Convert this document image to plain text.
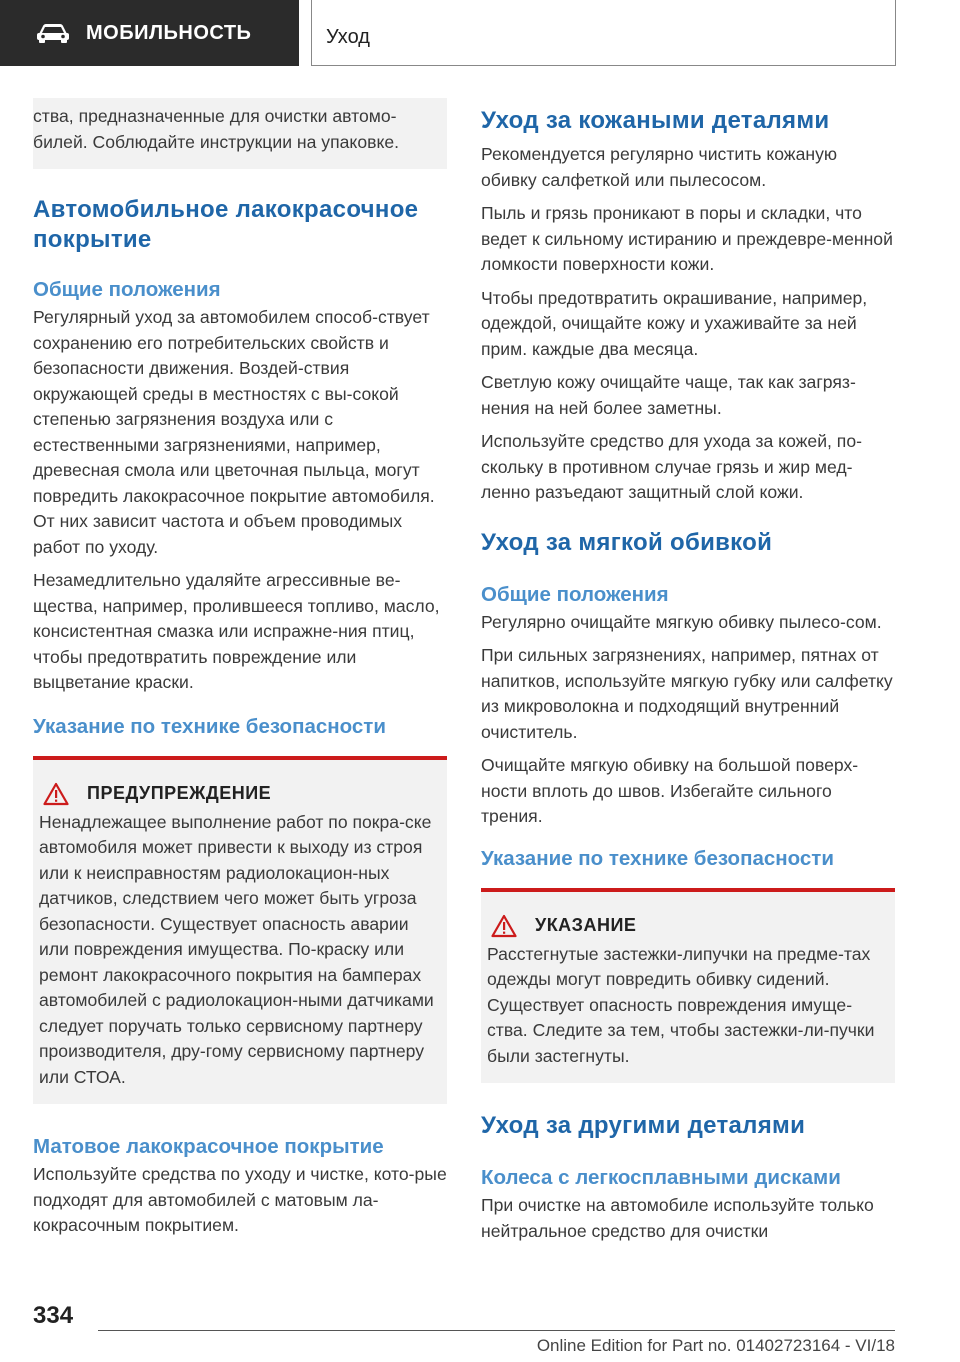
МОБИЛЬНОСТЬ	Уход

ства, предназначенные для очистки автомо-билей. Соблюдайте инструкции на упаковке.

Автомобильное лакокрасочное покрытие
Общие положения

Регулярный уход за автомобилем способ-ствует сохранению его потребительских свойств и безопасности движения. Воздей-ствия окружающей среды в местностях с вы-сокой степенью загрязнения воздуха или с естественными загрязнениями, например, древесная смола или цветочная пыльца, могут повредить лакокрасочное покрытие автомобиля. От них зависит частота и объем проводимых работ по уходу.

Незамедлительно удаляйте агрессивные ве-щества, например, пролившееся топливо, масло, консистентная смазка или испражне-ния птиц, чтобы предотвратить повреждение или выцветание краски.

Указание по технике безопасности
ПРЕДУПРЕЖДЕНИЕ

Ненадлежащее выполнение работ по покра-ске автомобиля может привести к выходу из строя или к неисправностям радиолокацион-ных датчиков, следствием чего может быть угроза безопасности. Существует опасность аварии или повреждения имущества. По-краску или ремонт лакокрасочного покрытия на бамперах автомобилей с радиолокацион-ными датчиками следует поручать только сервисному партнеру производителя, дру-гому сервисному партнеру или СТОА.

Матовое лакокрасочное покрытие

Используйте средства по уходу и чистке, кото-рые подходят для автомобилей с матовым ла-кокрасочным покрытием.

Уход за кожаными деталями

Рекомендуется регулярно чистить кожаную обивку салфеткой или пылесосом.

Пыль и грязь проникают в поры и складки, что ведет к сильному истиранию и преждевре-менной ломкости поверхности кожи.

Чтобы предотвратить окрашивание, например, одеждой, очищайте кожу и ухаживайте за ней прим. каждые два месяца.

Светлую кожу очищайте чаще, так как загряз-нения на ней более заметны.

Используйте средство для ухода за кожей, по-скольку в противном случае грязь и жир мед-ленно разъедают защитный слой кожи.

Уход за мягкой обивкой
Общие положения

Регулярно очищайте мягкую обивку пылесо-сом.

При сильных загрязнениях, например, пятнах от напитков, используйте мягкую губку или салфетку из микроволокна и подходящий внутренний очиститель.

Очищайте мягкую обивку на большой поверх-ности вплоть до швов. Избегайте сильного трения.

Указание по технике безопасности
УКАЗАНИЕ

Расстегнутые застежки-липучки на предме-тах одежды могут повредить обивку сидений. Существует опасность повреждения имуще-ства. Следите за тем, чтобы застежки-ли-пучки были застегнуты.

Уход за другими деталями
Колеса с легкосплавными дисками

При очистке на автомобиле используйте только нейтральное средство для очистки

334
Online Edition for Part no. 01402723164 - VI/18
